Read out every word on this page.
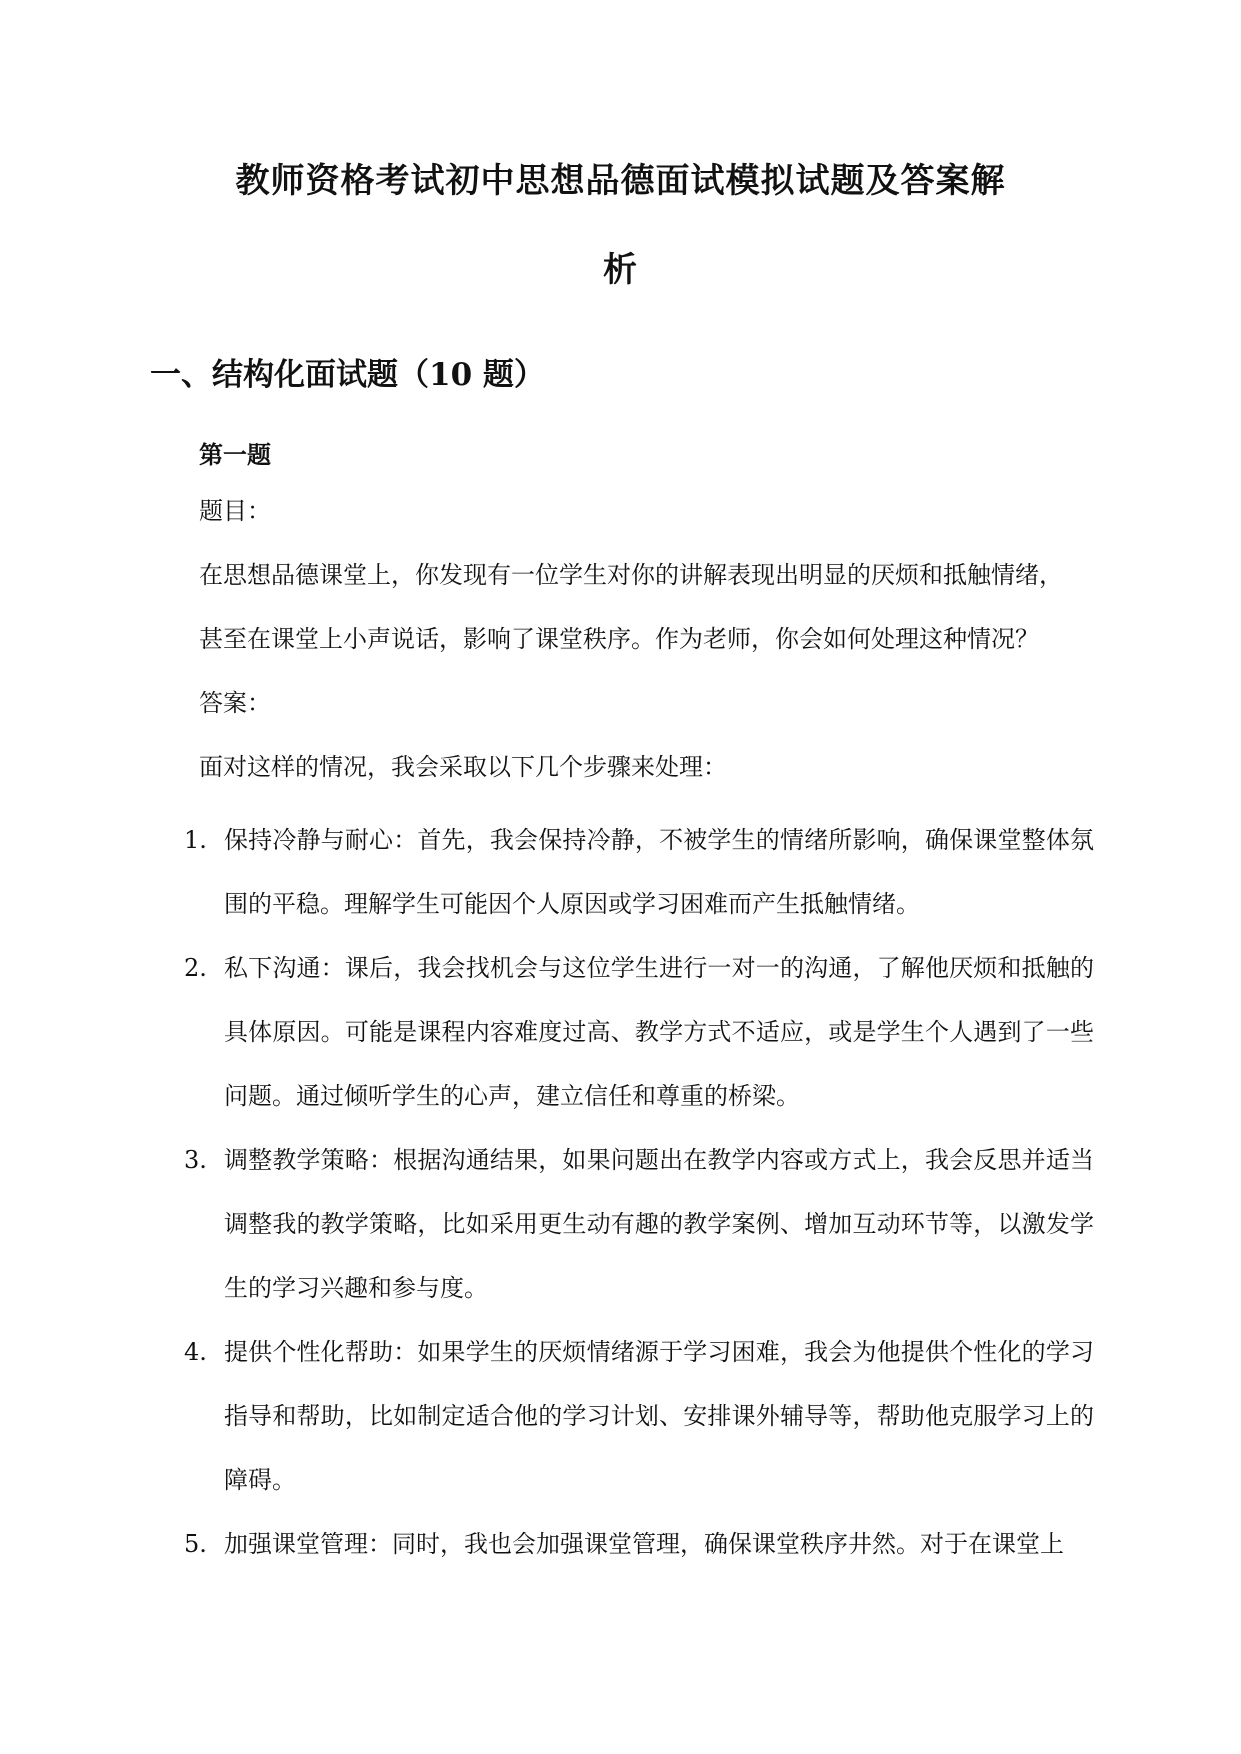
教师资格考试初中思想品德面试模拟试题及答案解
析
一、结构化面试题（10 题）
第一题
题目：
在思想品德课堂上，你发现有一位学生对你的讲解表现出明显的厌烦和抵触情绪，
甚至在课堂上小声说话，影响了课堂秩序。作为老师，你会如何处理这种情况？
答案：
面对这样的情况，我会采取以下几个步骤来处理：
1. 保持冷静与耐心：首先，我会保持冷静，不被学生的情绪所影响，确保课堂整体氛围的平稳。理解学生可能因个人原因或学习困难而产生抵触情绪。
2. 私下沟通：课后，我会找机会与这位学生进行一对一的沟通，了解他厌烦和抵触的具体原因。可能是课程内容难度过高、教学方式不适应，或是学生个人遇到了一些问题。通过倾听学生的心声，建立信任和尊重的桥梁。
3. 调整教学策略：根据沟通结果，如果问题出在教学内容或方式上，我会反思并适当调整我的教学策略，比如采用更生动有趣的教学案例、增加互动环节等，以激发学生的学习兴趣和参与度。
4. 提供个性化帮助：如果学生的厌烦情绪源于学习困难，我会为他提供个性化的学习指导和帮助，比如制定适合他的学习计划、安排课外辅导等，帮助他克服学习上的障碍。
5. 加强课堂管理：同时，我也会加强课堂管理，确保课堂秩序井然。对于在课堂上
